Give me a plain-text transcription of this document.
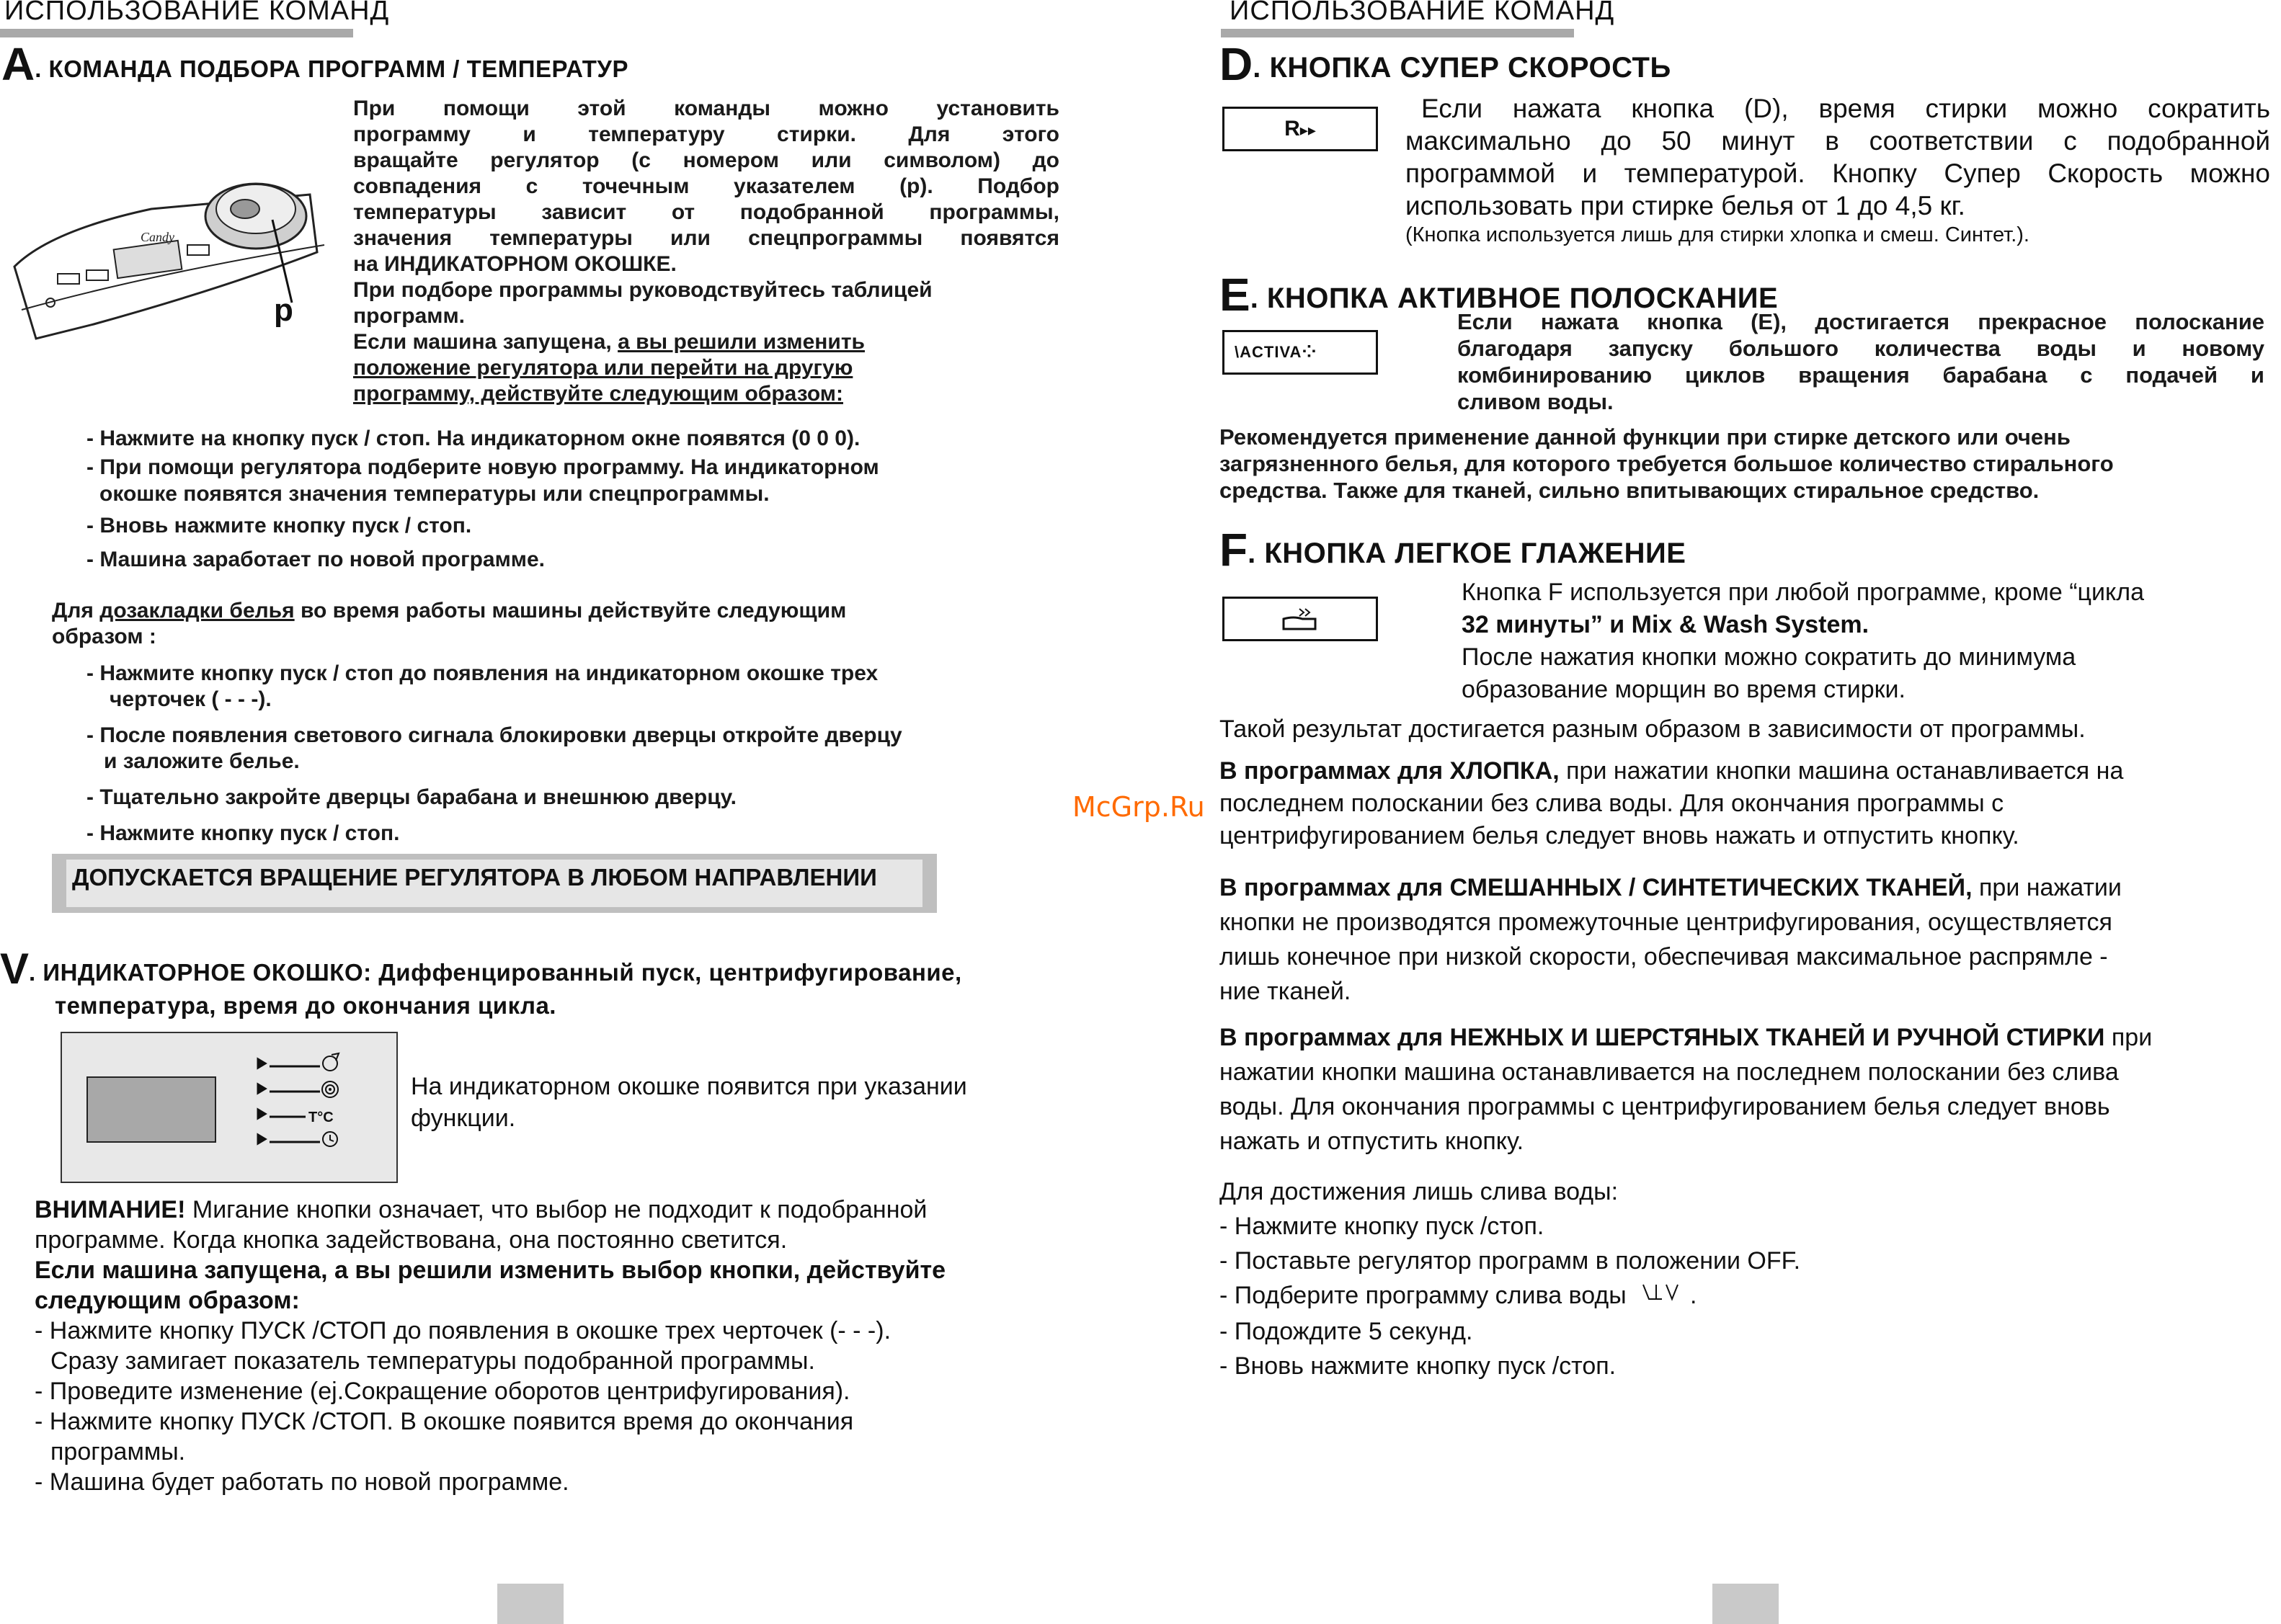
ИСПОЛЬЗОВАНИЕ КОМАНД
A. КОМАНДА ПОДБОРА ПРОГРАММ / ТЕМПЕРАТУР
Candy
p
При помощи этой команды можно установить
программу и температуру стирки. Для этого
вращайте регулятор (с номером или символом) до
совпадения с точечным указателем (p). Подбор
температуры зависит от подобранной программы,
значения температуры или спецпрограммы появятся
на ИНДИКАТОРНОМ ОКОШКЕ.
При подборе программы руководствуйтесь таблицей
программ.
Если машина запущена, а вы решили изменить
положение регулятора или перейти на другую
программу, действуйте следующим образом:
- Нажмите на кнопку пуск / стоп. На индикаторном окне появятся (0 0 0).
- При помощи регулятора подберите новую программу. На индикаторном
окошке появятся значения температуры или спецпрограммы.
- Вновь нажмите кнопку пуск / стоп.
- Машина заработает по новой программе.
Для дозакладки белья во время работы машины действуйте следующим
образом :
- Нажмите кнопку пуск / стоп до появления на индикаторном окошке трех
черточек ( - - -).
- После появления светового сигнала блокировки дверцы откройте дверцу
и заложите белье.
- Тщательно закройте дверцы барабана и внешнюю дверцу.
- Нажмите кнопку пуск / стоп.
ДОПУСКАЕТСЯ ВРАЩЕНИЕ РЕГУЛЯТОРА В ЛЮБОМ НАПРАВЛЕНИИ
V. ИНДИКАТОРНОЕ ОКОШКО: Диффенцированный пуск, центрифугирование,
температура, время до окончания цикла.
T°C
На индикаторном окошке появится при указании
функции.
ВНИМАНИЕ! Мигание кнопки означает, что выбор не подходит к подобранной
программе. Когда кнопка задействована, она постоянно светится.
Если машина запущена, а вы решили изменить выбор кнопки, действуйте
следующим образом:
- Нажмите кнопку ПУСК /СТОП до появления в окошке трех черточек (- - -).
Сразу замигает показатель температуры подобранной программы.
- Проведите изменение (ej.Сокращение оборотов центрифугирования).
- Нажмите кнопку ПУСК /СТОП. В окошке появится время до окончания
программы.
- Машина будет работать по новой программе.
McGrp.Ru
ИСПОЛЬЗОВАНИЕ КОМАНД
D. КНОПКА СУПЕР СКОРОСТЬ
R▸▸
Если нажата кнопка (D), время стирки можно сократить
максимально до 50 минут в соответствии с подобранной
программой и температурой. Кнопку Супер Скорость можно
использовать при стирке белья от 1 до 4,5 кг.
(Кнопка используется лишь для стирки хлопка и смеш. Синтет.).
E. КНОПКА АКТИВНОЕ ПОЛОСКАНИЕ
\ACTIVA⁘
Если нажата кнопка (E), достигается прекрасное полоскание
благодаря запуску большого количества воды и новому
комбинированию циклов вращения барабана с подачей и
сливом воды.
Рекомендуется применение данной функции при стирке детского или очень
загрязненного белья, для которого требуется большое количество стирального
средства. Также для тканей, сильно впитывающих стиральное средство.
F. КНОПКА ЛЕГКОЕ ГЛАЖЕНИЕ
Кнопка F используется при любой программе, кроме “цикла
32 минуты” и Mix & Wash System.
После нажатия кнопки можно сократить до минимума
образование морщин во время стирки.
Такой результат достигается разным образом в зависимости от программы.
В программах для ХЛОПКА, при нажатии кнопки машина останавливается на
последнем полоскании без слива воды. Для окончания программы с
центрифугированием белья следует вновь нажать и отпустить кнопку.
В программах для СМЕШАННЫХ / СИНТЕТИЧЕСКИХ ТКАНЕЙ, при нажатии
кнопки не производятся промежуточные центрифугирования, осуществляется
лишь конечное при низкой скорости, обеспечивая максимальное распрямле -
ние тканей.
В программах для НЕЖНЫХ И ШЕРСТЯНЫХ ТКАНЕЙ И РУЧНОЙ СТИРКИ при
нажатии кнопки машина останавливается на последнем полоскании без слива
воды. Для окончания программы с центрифугированием белья следует вновь
нажать и отпустить кнопку.
Для достижения лишь слива воды:
- Нажмите кнопку пуск /стоп.
- Поставьте регулятор программ в положении OFF.
- Подберите программу слива воды   .
- Подождите 5 секунд.
- Вновь нажмите кнопку пуск /стоп.
